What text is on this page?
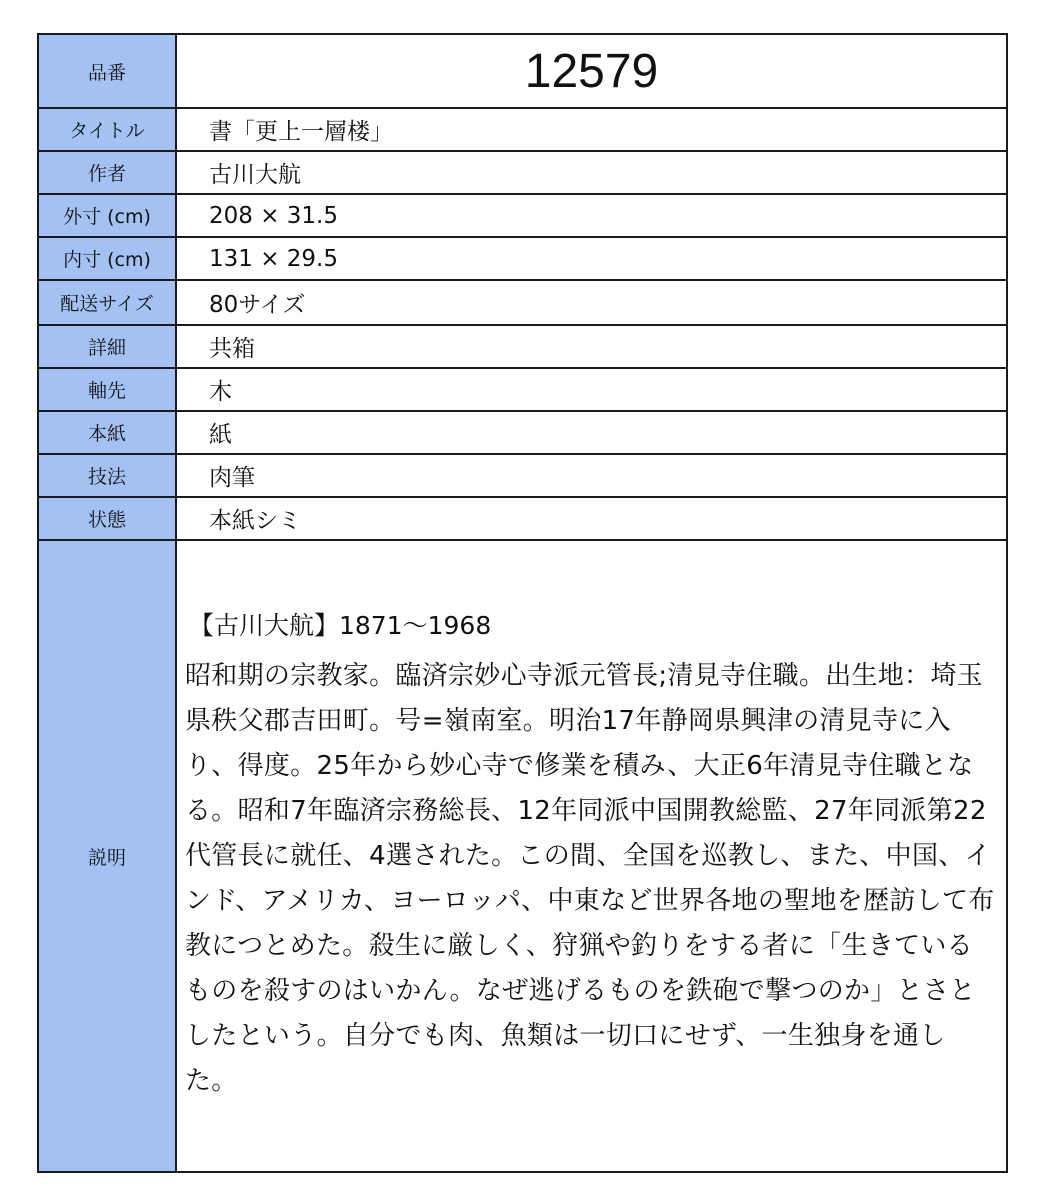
品番	12579
タイトル	書「更上一層楼」
作者	古川大航
外寸 (cm)	208 × 31.5
内寸 (cm)	131 × 29.5
配送サイズ	80サイズ
詳細	共箱
軸先	木
本紙	紙
技法	肉筆
状態	本紙シミ
説明	【古川大航】1871〜1968
昭和期の宗教家。臨済宗妙心寺派元管長;清見寺住職。出生地：埼玉県秩父郡吉田町。号=嶺南室。明治17年静岡県興津の清見寺に入り、得度。25年から妙心寺で修業を積み、大正6年清見寺住職となる。昭和7年臨済宗務総長、12年同派中国開教総監、27年同派第22代管長に就任、4選された。この間、全国を巡教し、また、中国、インド、アメリカ、ヨーロッパ、中東など世界各地の聖地を歴訪して布教につとめた。殺生に厳しく、狩猟や釣りをする者に「生きているものを殺すのはいかん。なぜ逃げるものを鉄砲で撃つのか」とさとしたという。自分でも肉、魚類は一切口にせず、一生独身を通した。
